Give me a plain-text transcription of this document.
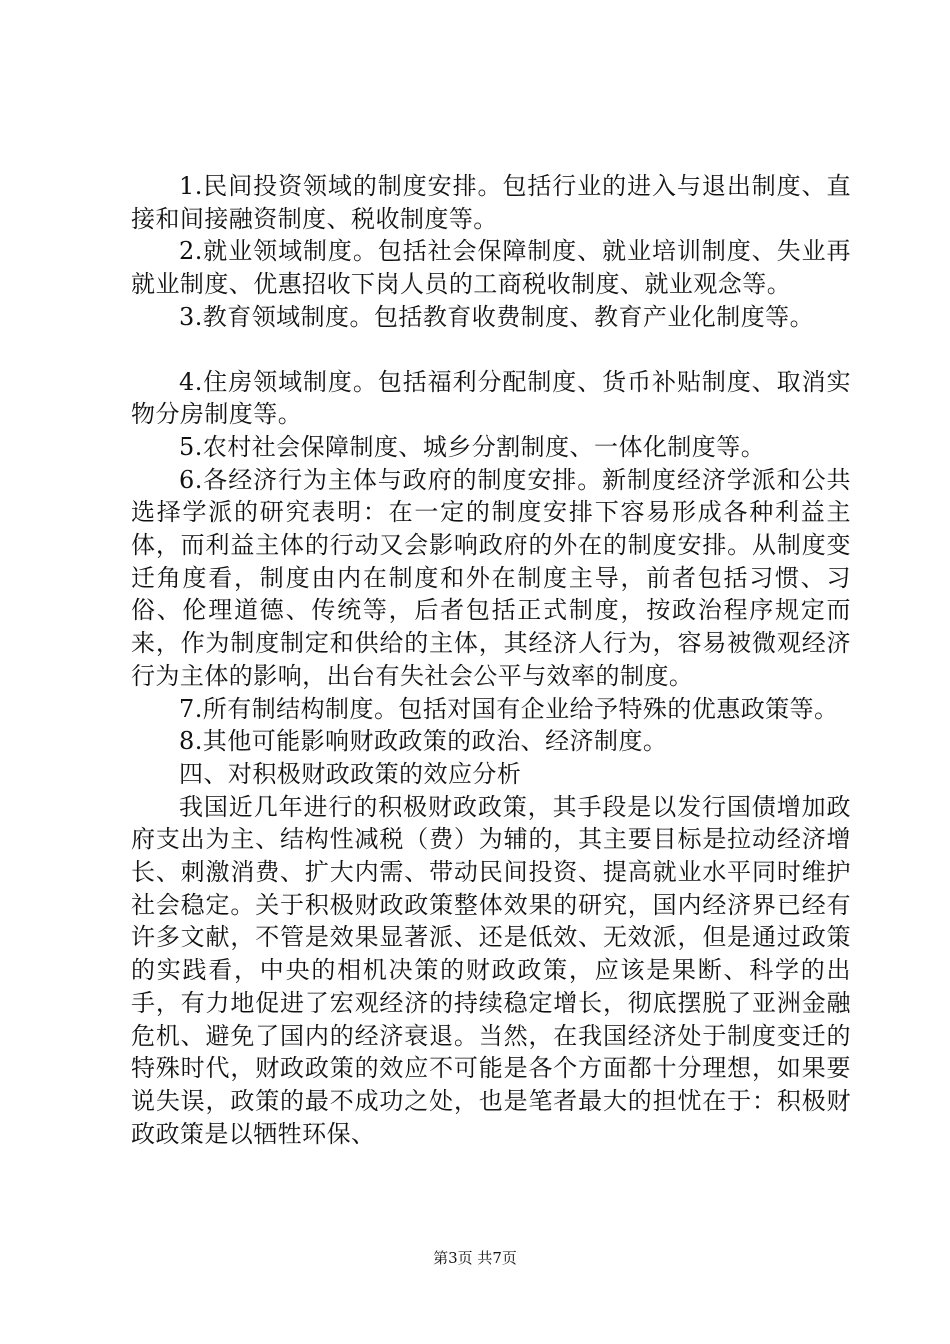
1.民间投资领域的制度安排。包括行业的进入与退出制度、直接和间接融资制度、税收制度等。

2.就业领域制度。包括社会保障制度、就业培训制度、失业再就业制度、优惠招收下岗人员的工商税收制度、就业观念等。

3.教育领域制度。包括教育收费制度、教育产业化制度等。

4.住房领域制度。包括福利分配制度、货币补贴制度、取消实物分房制度等。

5.农村社会保障制度、城乡分割制度、一体化制度等。

6.各经济行为主体与政府的制度安排。新制度经济学派和公共选择学派的研究表明：在一定的制度安排下容易形成各种利益主体，而利益主体的行动又会影响政府的外在的制度安排。从制度变迁角度看，制度由内在制度和外在制度主导，前者包括习惯、习俗、伦理道德、传统等，后者包括正式制度，按政治程序规定而来，作为制度制定和供给的主体，其经济人行为，容易被微观经济行为主体的影响，出台有失社会公平与效率的制度。

7.所有制结构制度。包括对国有企业给予特殊的优惠政策等。

8.其他可能影响财政政策的政治、经济制度。

四、对积极财政政策的效应分析

我国近几年进行的积极财政政策，其手段是以发行国债增加政府支出为主、结构性减税（费）为辅的，其主要目标是拉动经济增长、刺激消费、扩大内需、带动民间投资、提高就业水平同时维护社会稳定。关于积极财政政策整体效果的研究，国内经济界已经有许多文献，不管是效果显著派、还是低效、无效派，但是通过政策的实践看，中央的相机决策的财政政策，应该是果断、科学的出手，有力地促进了宏观经济的持续稳定增长，彻底摆脱了亚洲金融危机、避免了国内的经济衰退。当然，在我国经济处于制度变迁的特殊时代，财政政策的效应不可能是各个方面都十分理想，如果要说失误，政策的最不成功之处，也是笔者最大的担忧在于：积极财政政策是以牺牲环保、

第3页 共7页
